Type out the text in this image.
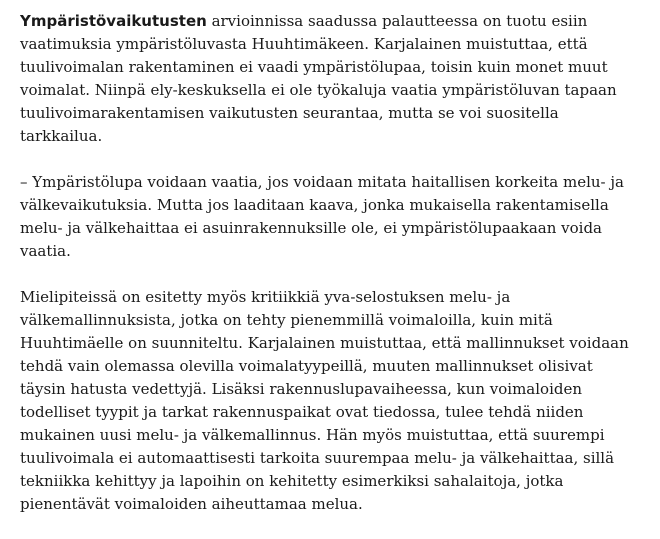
Ympäristövaikutusten arvioinnissa saadussa palautteessa on tuotu esiin
vaatimuksia ympäristöluvasta Huuhtimäkeen. Karjalainen muistuttaa, että
tuulivoimalan rakentaminen ei vaadi ympäristölupaa, toisin kuin monet muut
voimalat. Niinpä ely-keskuksella ei ole työkaluja vaatia ympäristöluvan tapaan
tuulivoimarakentamisen vaikutusten seurantaa, mutta se voi suositella
tarkkailua.

– Ympäristölupa voidaan vaatia, jos voidaan mitata haitallisen korkeita melu- ja
välkevaikutuksia. Mutta jos laaditaan kaava, jonka mukaisella rakentamisella
melu- ja välkehaittaa ei asuinrakennuksille ole, ei ympäristölupaakaan voida
vaatia.

Mielipiteissä on esitetty myös kritiikkiä yva-selostuksen melu- ja
välkemallinnuksista, jotka on tehty pienemmillä voimaloilla, kuin mitä
Huuhtimäelle on suunniteltu. Karjalainen muistuttaa, että mallinnukset voidaan
tehdä vain olemassa olevilla voimalatyypeillä, muuten mallinnukset olisivat
täysin hatusta vedettyjä. Lisäksi rakennuslupavaiheessa, kun voimaloiden
todelliset tyypit ja tarkat rakennuspaikat ovat tiedossa, tulee tehdä niiden
mukainen uusi melu- ja välkemallinnus. Hän myös muistuttaa, että suurempi
tuulivoimala ei automaattisesti tarkoita suurempaa melu- ja välkehaittaa, sillä
tekniikka kehittyy ja lapoihin on kehitetty esimerkiksi sahalaitoja, jotka
pienentävät voimaloiden aiheuttamaa melua.
